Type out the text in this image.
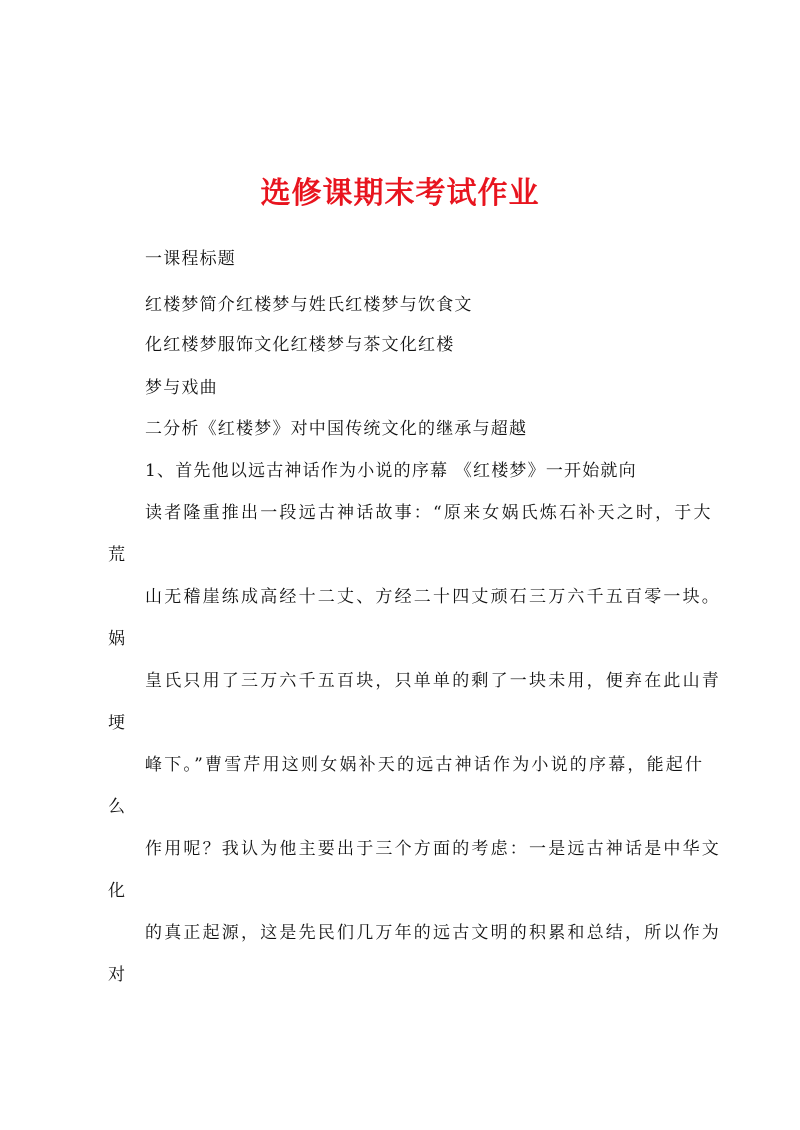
选修课期末考试作业
一课程标题
红楼梦简介红楼梦与姓氏红楼梦与饮食文
化红楼梦服饰文化红楼梦与茶文化红楼
梦与戏曲
二分析《红楼梦》对中国传统文化的继承与超越
1、首先他以远古神话作为小说的序幕 《红楼梦》一开始就向
读者隆重推出一段远古神话故事：“原来女娲氏炼石补天之时，于大
荒
山无稽崖练成高经十二丈、方经二十四丈顽石三万六千五百零一块。
娲
皇氏只用了三万六千五百块，只单单的剩了一块未用，便弃在此山青
埂
峰下。”曹雪芹用这则女娲补天的远古神话作为小说的序幕，能起什
么
作用呢？我认为他主要出于三个方面的考虑：一是远古神话是中华文
化
的真正起源，这是先民们几万年的远古文明的积累和总结，所以作为
对
